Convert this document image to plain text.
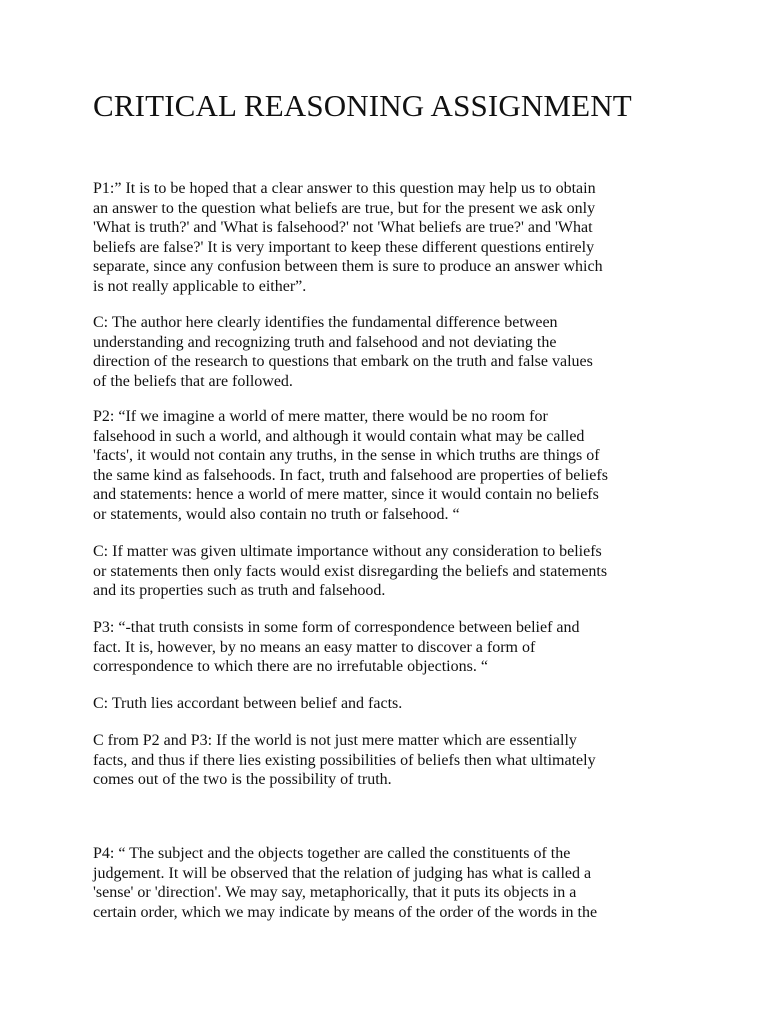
CRITICAL REASONING ASSIGNMENT

P1:” It is to be hoped that a clear answer to this question may help us to obtain
an answer to the question what beliefs are true, but for the present we ask only
'What is truth?' and 'What is falsehood?' not 'What beliefs are true?' and 'What
beliefs are false?' It is very important to keep these different questions entirely
separate, since any confusion between them is sure to produce an answer which
is not really applicable to either”.

C: The author here clearly identifies the fundamental difference between
understanding and recognizing truth and falsehood and not deviating the
direction of the research to questions that embark on the truth and false values
of the beliefs that are followed.

P2: “If we imagine a world of mere matter, there would be no room for
falsehood in such a world, and although it would contain what may be called
'facts', it would not contain any truths, in the sense in which truths are things of
the same kind as falsehoods. In fact, truth and falsehood are properties of beliefs
and statements: hence a world of mere matter, since it would contain no beliefs
or statements, would also contain no truth or falsehood. “

C: If matter was given ultimate importance without any consideration to beliefs
or statements then only facts would exist disregarding the beliefs and statements
and its properties such as truth and falsehood.

P3: “-that truth consists in some form of correspondence between belief and
fact. It is, however, by no means an easy matter to discover a form of
correspondence to which there are no irrefutable objections. “

C: Truth lies accordant between belief and facts.

C from P2 and P3: If the world is not just mere matter which are essentially
facts, and thus if there lies existing possibilities of beliefs then what ultimately
comes out of the two is the possibility of truth.

P4: “ The subject and the objects together are called the constituents of the
judgement. It will be observed that the relation of judging has what is called a
'sense' or 'direction'. We may say, metaphorically, that it puts its objects in a
certain order, which we may indicate by means of the order of the words in the
